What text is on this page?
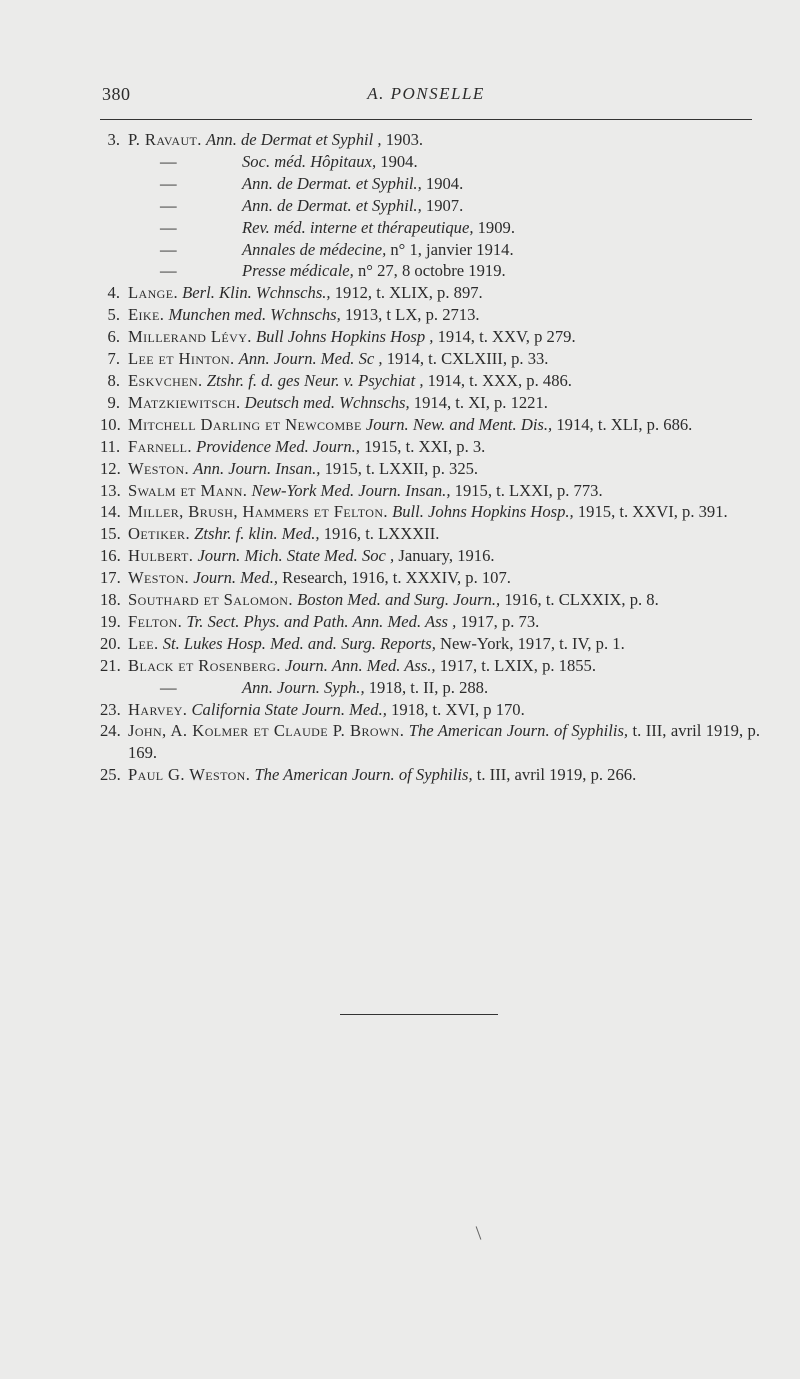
380	A. PONSELLE
3. P. Ravaut. Ann. de Dermat et Syphil , 1903.
—	Soc. méd. Hôpitaux, 1904.
—	Ann. de Dermat. et Syphil., 1904.
—	Ann. de Dermat. et Syphil., 1907.
—	Rev. méd. interne et thérapeutique, 1909.
—	Annales de médecine, n° 1, janvier 1914.
—	Presse médicale, n° 27, 8 octobre 1919.
4. Lange. Berl. Klin. Wchnschs., 1912, t. XLIX, p. 897.
5. Eike. Munchen med. Wchnschs, 1913, t LX, p. 2713.
6. Millerand Lévy. Bull Johns Hopkins Hosp , 1914, t. XXV, p 279.
7. Lee et Hinton. Ann. Journ. Med. Sc , 1914, t. CXLXIII, p. 33.
8. Eskvchen. Ztshr. f. d. ges Neur. v. Psychiat , 1914, t. XXX, p. 486.
9. Matzkiewitsch. Deutsch med. Wchnschs, 1914, t. XI, p. 1221.
10. Mitchell Darling et Newcombe Journ. New. and Ment. Dis., 1914, t. XLI, p. 686.
11. Farnell. Providence Med. Journ., 1915, t. XXI, p. 3.
12. Weston. Ann. Journ. Insan., 1915, t. LXXII, p. 325.
13. Swalm et Mann. New-York Med. Journ. Insan., 1915, t. LXXI, p. 773.
14. Miller, Brush, Hammers et Felton. Bull. Johns Hopkins Hosp., 1915, t. XXVI, p. 391.
15. Oetiker. Ztshr. f. klin. Med., 1916, t. LXXXII.
16. Hulbert. Journ. Mich. State Med. Soc , January, 1916.
17. Weston. Journ. Med., Research, 1916, t. XXXIV, p. 107.
18. Southard et Salomon. Boston Med. and Surg. Journ., 1916, t. CLXXIX, p. 8.
19. Felton. Tr. Sect. Phys. and Path. Ann. Med. Ass , 1917, p. 73.
20. Lee. St. Lukes Hosp. Med. and. Surg. Reports, New-York, 1917, t. IV, p. 1.
21. Black et Rosenberg. Journ. Ann. Med. Ass., 1917, t. LXIX, p. 1855.
—	Ann. Journ. Syph., 1918, t. II, p. 288.
23. Harvey. California State Journ. Med., 1918, t. XVI, p 170.
24. John, A. Kolmer et Claude P. Brown. The American Journ. of Syphilis, t. III, avril 1919, p. 169.
25. Paul G. Weston. The American Journ. of Syphilis, t. III, avril 1919, p. 266.
